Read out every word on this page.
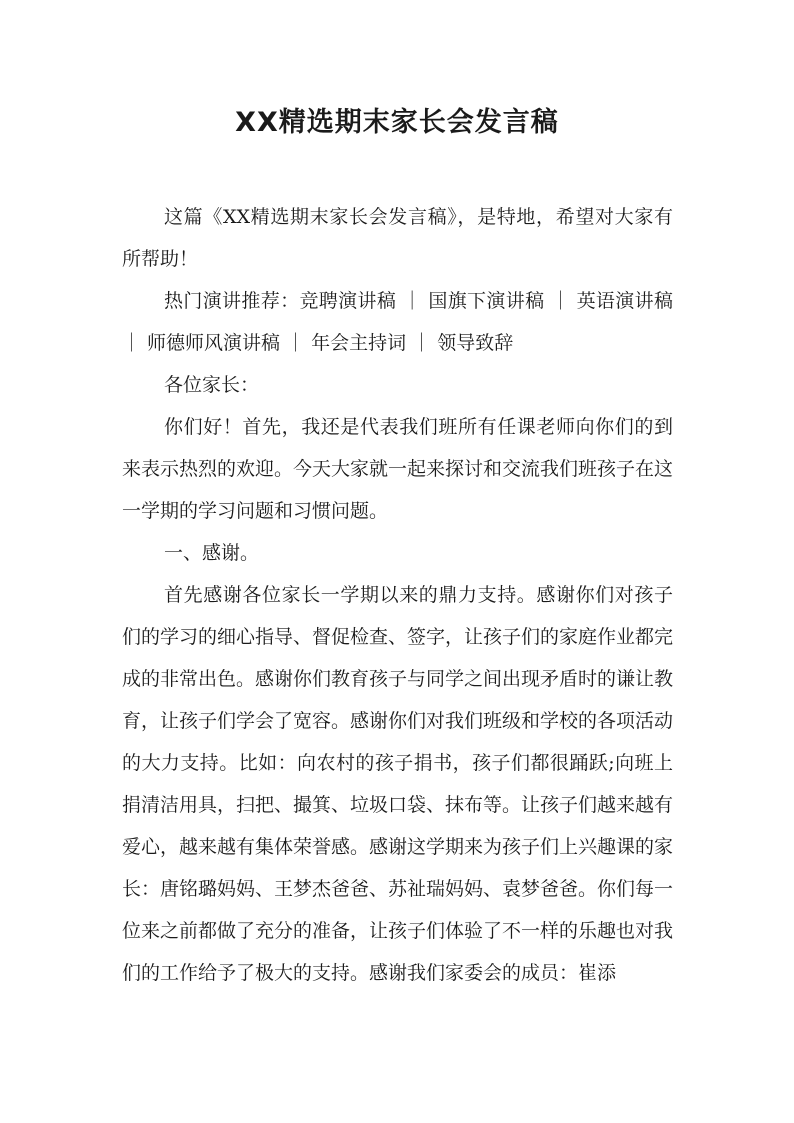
XX精选期末家长会发言稿

这篇《XX精选期末家长会发言稿》，是特地，希望对大家有所帮助！

热门演讲推荐：竞聘演讲稿 ｜ 国旗下演讲稿 ｜ 英语演讲稿 ｜ 师德师风演讲稿 ｜ 年会主持词 ｜ 领导致辞

各位家长：

你们好！首先，我还是代表我们班所有任课老师向你们的到来表示热烈的欢迎。今天大家就一起来探讨和交流我们班孩子在这一学期的学习问题和习惯问题。

一、感谢。

首先感谢各位家长一学期以来的鼎力支持。感谢你们对孩子们的学习的细心指导、督促检查、签字，让孩子们的家庭作业都完成的非常出色。感谢你们教育孩子与同学之间出现矛盾时的谦让教育，让孩子们学会了宽容。感谢你们对我们班级和学校的各项活动的大力支持。比如：向农村的孩子捐书，孩子们都很踊跃;向班上捐清洁用具，扫把、撮箕、垃圾口袋、抹布等。让孩子们越来越有爱心，越来越有集体荣誉感。感谢这学期来为孩子们上兴趣课的家长：唐铭璐妈妈、王梦杰爸爸、苏祉瑞妈妈、袁梦爸爸。你们每一位来之前都做了充分的准备，让孩子们体验了不一样的乐趣也对我们的工作给予了极大的支持。感谢我们家委会的成员：崔添
